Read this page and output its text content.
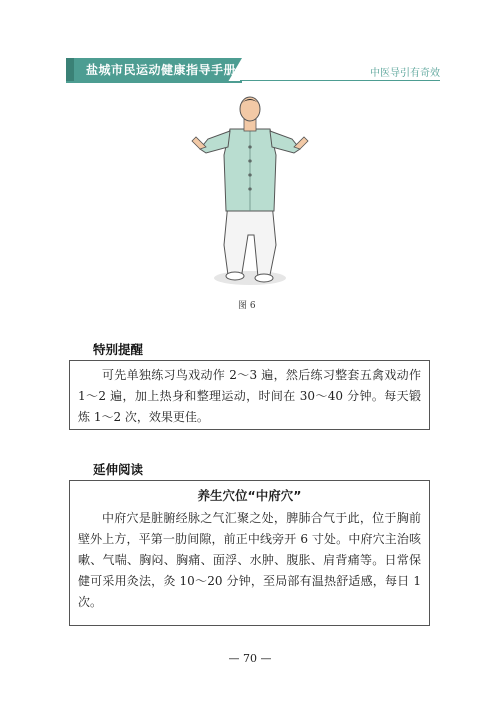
盐城市民运动健康指导手册	中医导引有奇效
图 6
特别提醒

可先单独练习鸟戏动作 2～3 遍，然后练习整套五禽戏动作 1～2 遍，加上热身和整理运动，时间在 30～40 分钟。每天锻炼 1～2 次，效果更佳。

延伸阅读
养生穴位“中府穴”

中府穴是脏腑经脉之气汇聚之处，脾肺合气于此，位于胸前壁外上方，平第一肋间隙，前正中线旁开 6 寸处。中府穴主治咳嗽、气喘、胸闷、胸痛、面浮、水肿、腹胀、肩背痛等。日常保健可采用灸法，灸 10～20 分钟，至局部有温热舒适感，每日 1 次。

— 70 —
